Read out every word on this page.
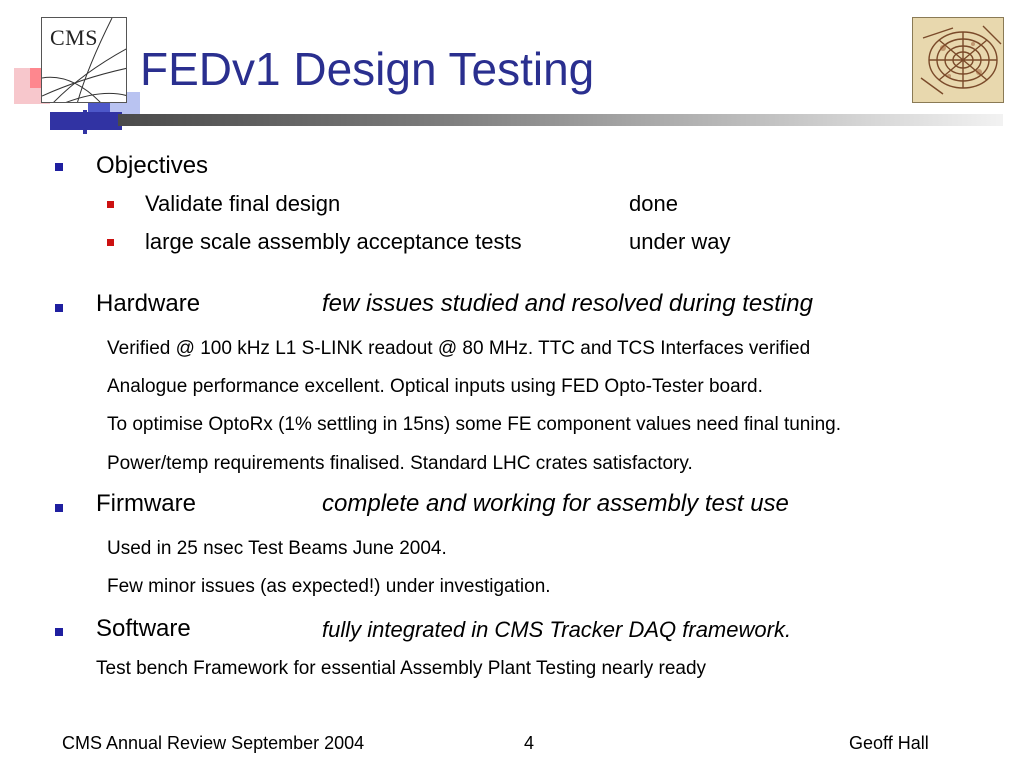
CMS
FEDv1 Design Testing
Objectives
Validate final design	done
large scale assembly acceptance tests	under way
Hardware	few issues studied and resolved during testing
Verified @ 100 kHz L1 S-LINK readout @ 80 MHz. TTC and TCS Interfaces verified
Analogue performance excellent. Optical inputs using FED Opto-Tester board.
To optimise OptoRx (1% settling in 15ns) some FE component values need final tuning.
Power/temp requirements finalised. Standard LHC crates satisfactory.
Firmware	complete and working for assembly test use
Used in 25 nsec Test Beams June 2004.
Few minor issues (as expected!) under investigation.
Software	fully integrated in CMS Tracker DAQ framework.
Test bench Framework for essential Assembly Plant Testing nearly ready
CMS Annual Review September 2004	4	Geoff Hall
